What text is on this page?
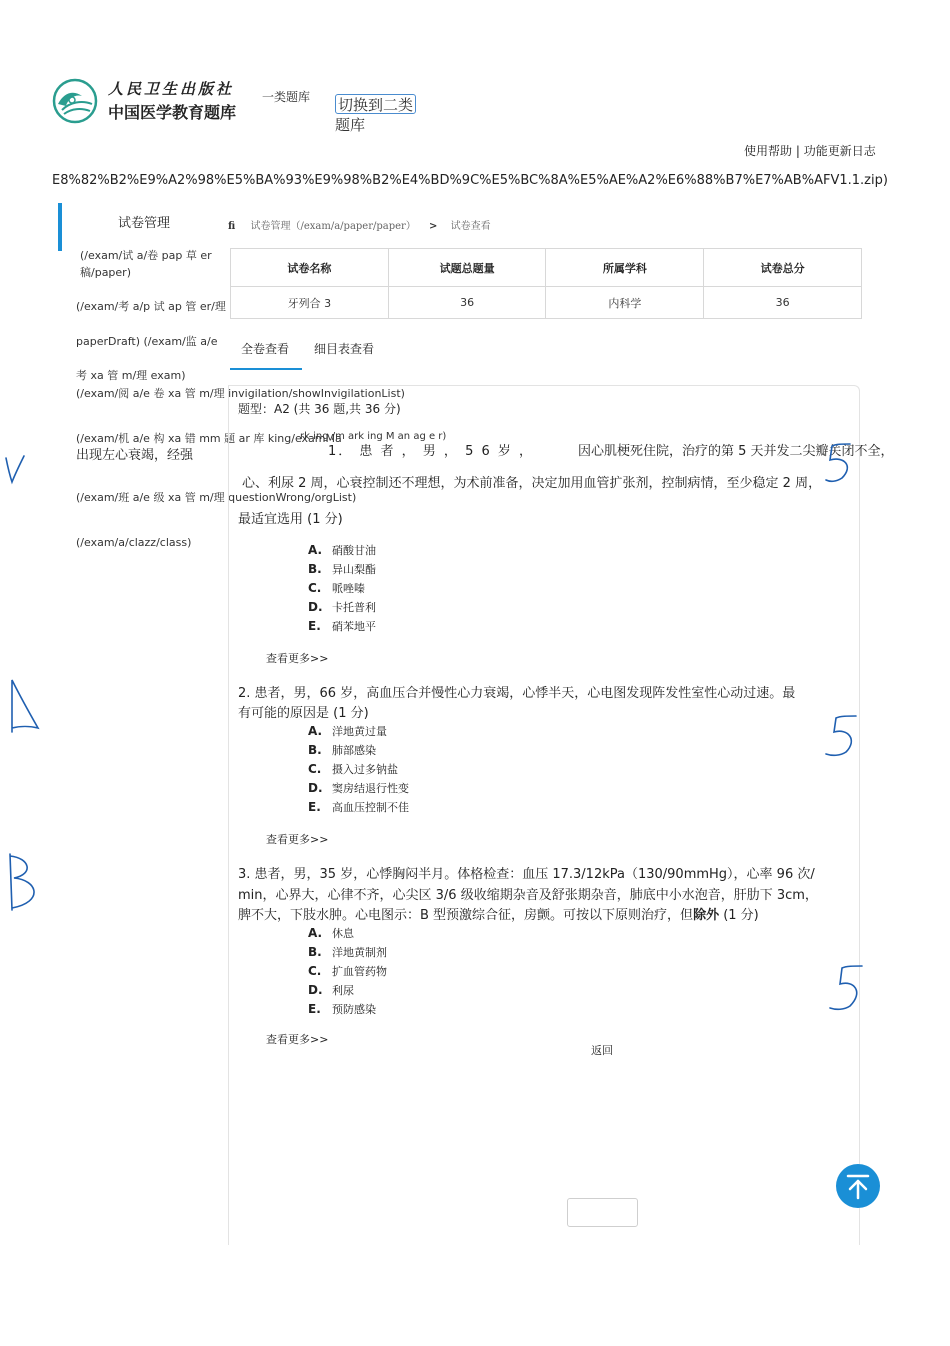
人民卫生出版社
中国医学教育题库
一类题库 切换到二类
题库
使用帮助 | 功能更新日志
E8%82%B2%E9%A2%98%E5%BA%93%E9%98%B2%E4%BD%9C%E5%BC%8A%E5%AE%A2%E6%88%B7%E7%AB%AFV1.1.zip)
试卷管理
(/exam/试 a/卷 pap 草 er
稿/paper)
(/exam/考 a/p 试 ap 管 er/理
paperDraft) (/exam/监 a/e
考 xa 管 m/理 exam)
(/exam/阅 a/e 卷 xa 管 m/理 invigilation/showInvigilationList)
(/exam/机 a/e 构 xa 错 mm 题 ar 库 king/examMa
(/exam/班 a/e 级 xa 管 m/理 questionWrong/orgList)
(/exam/a/clazz/class)
fi 试卷管理（/exam/a/paper/paper） > 试卷查看
试卷名称	试题总题量	所属学科	试卷总分
牙列合 3	36	内科学	36
全卷查看 细目表查看
题型：A2 (共 36 题,共 36 分)
rk ing /m ark ing M an ag e r)
1． 患 者 ， 男 ， 5 6 岁 ，	因心肌梗死住院，治疗的第 5 天并发二尖瓣关闭不全，
出现左心衰竭，经强
心、利尿 2 周，心衰控制还不理想，为术前准备，决定加用血管扩张剂，控制病情，至少稳定 2 周，
最适宜选用 (1 分)
A. 硝酸甘油
B. 异山梨酯
C. 哌唑嗪
D. 卡托普利
E. 硝苯地平
查看更多>>
2. 患者，男，66 岁，高血压合并慢性心力衰竭，心悸半天，心电图发现阵发性室性心动过速。最
有可能的原因是 (1 分)
A. 洋地黄过量
B. 肺部感染
C. 摄入过多钠盐
D. 窦房结退行性变
E. 高血压控制不佳
查看更多>>
3. 患者，男，35 岁，心悸胸闷半月。体格检查：血压 17.3/12kPa（130/90mmHg），心率 96 次/
min，心界大，心律不齐，心尖区 3/6 级收缩期杂音及舒张期杂音，肺底中小水泡音，肝肋下 3cm，
脾不大，下肢水肿。心电图示：B 型预激综合征，房颤。可按以下原则治疗，但除外 (1 分)
A. 休息
B. 洋地黄制剂
C. 扩血管药物
D. 利尿
E. 预防感染
查看更多>>
返回
